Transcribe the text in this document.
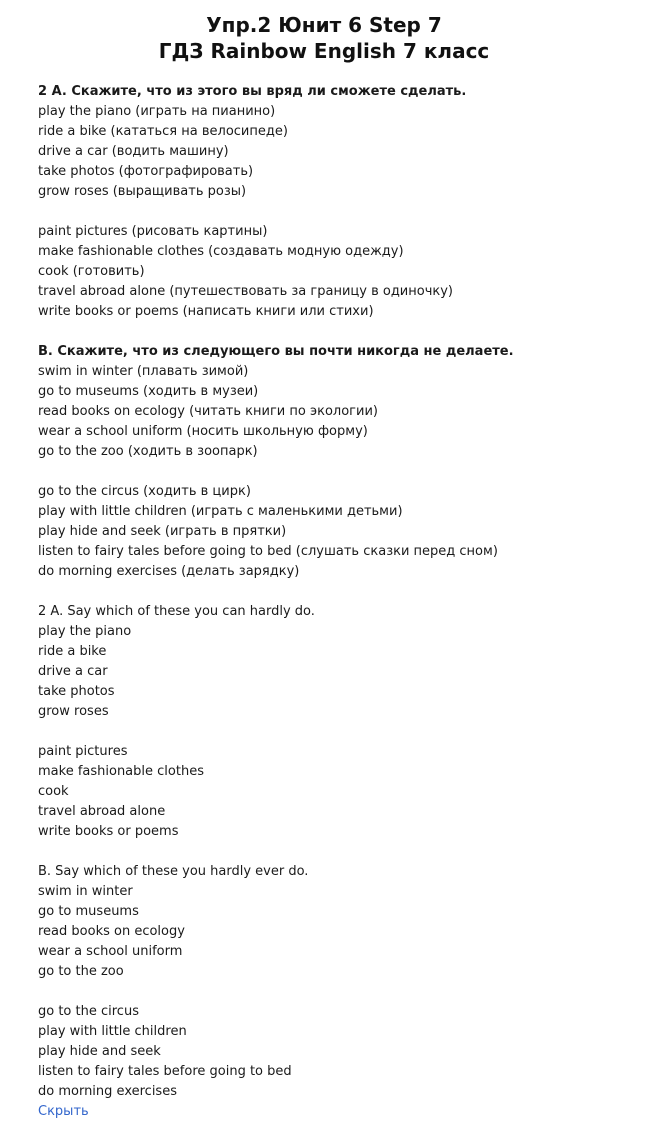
Упр.2 Юнит 6 Step 7
ГДЗ Rainbow English 7 класс
2 A. Скажите, что из этого вы вряд ли сможете сделать.
play the piano (играть на пианино)
ride a bike (кататься на велосипеде)
drive a car (водить машину)
take photos (фотографировать)
grow roses (выращивать розы)
paint pictures (рисовать картины)
make fashionable clothes (создавать модную одежду)
cook (готовить)
travel abroad alone (путешествовать за границу в одиночку)
write books or poems (написать книги или стихи)
B. Скажите, что из следующего вы почти никогда не делаете.
swim in winter (плавать зимой)
go to museums (ходить в музеи)
read books on ecology (читать книги по экологии)
wear a school uniform (носить школьную форму)
go to the zoo (ходить в зоопарк)
go to the circus (ходить в цирк)
play with little children (играть с маленькими детьми)
play hide and seek (играть в прятки)
listen to fairy tales before going to bed (слушать сказки перед сном)
do morning exercises (делать зарядку)
2 A. Say which of these you can hardly do.
play the piano
ride a bike
drive a car
take photos
grow roses
paint pictures
make fashionable clothes
cook
travel abroad alone
write books or poems
B. Say which of these you hardly ever do.
swim in winter
go to museums
read books on ecology
wear a school uniform
go to the zoo
go to the circus
play with little children
play hide and seek
listen to fairy tales before going to bed
do morning exercises
Скрыть
